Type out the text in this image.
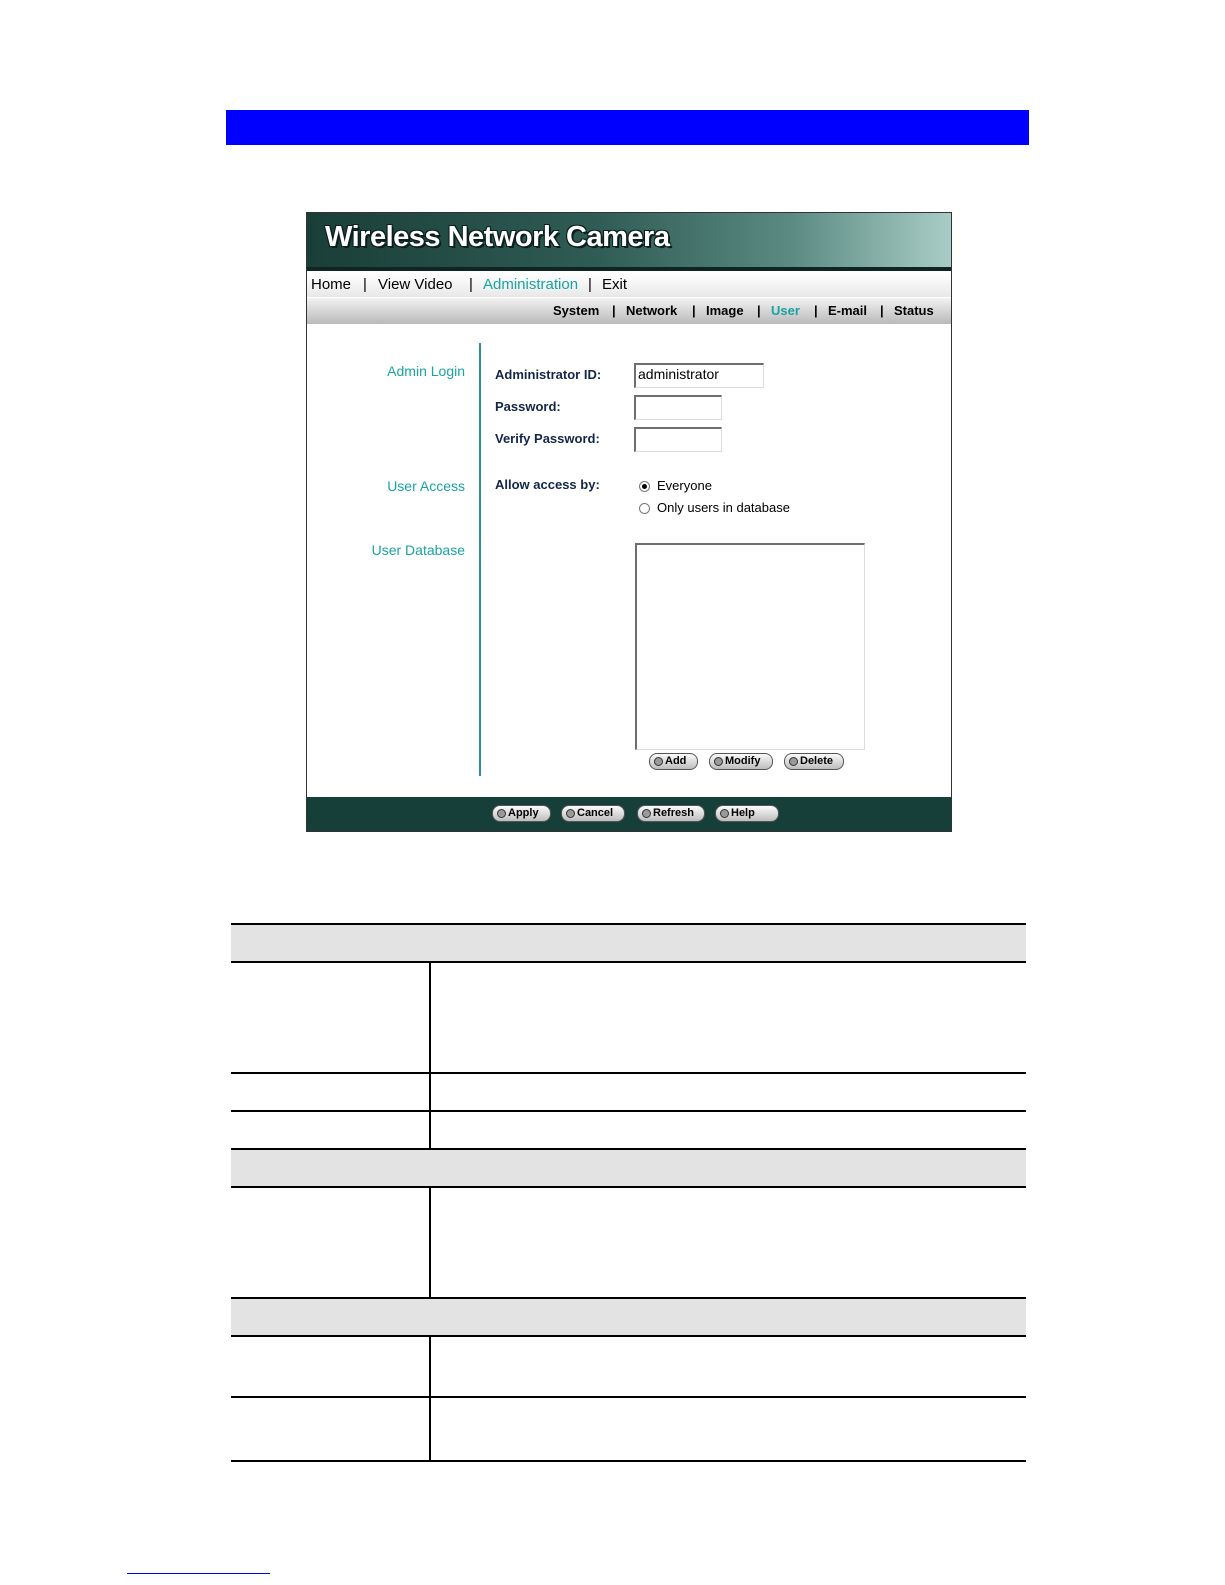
Wireless Network Camera
Home | View Video | Administration | Exit
System | Network | Image | User | E-mail | Status
Admin Login
User Access
User Database
Administrator ID:	administrator
Password:
Verify Password:
Allow access by:	Everyone
Only users in database
Add	Modify	Delete
Apply	Cancel	Refresh	Help
